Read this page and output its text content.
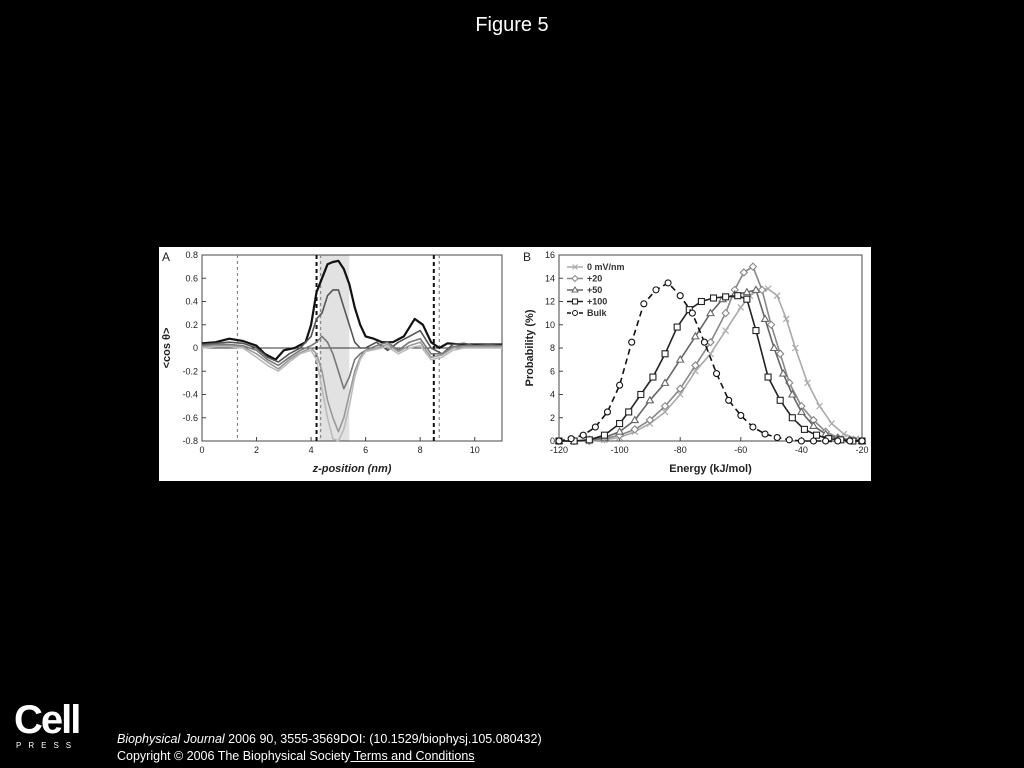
Figure 5
A
0	2	4	6	8	10
0.8
0.6
0.4
0.2
0
-0.2
-0.4
-0.6
-0.8
z-position (nm)
<cos θ>
B
-120	-100	-80	-60	-40	-20
0
2
4
6
8
10
12
14
16
Energy (kJ/mol)
Probability (%)
0 mV/nm
+20
+50
+100
Bulk
Cell
PRESS	Biophysical Journal 2006 90, 3555-3569DOI: (10.1529/biophysj.105.080432)
Copyright © 2006 The Biophysical Society Terms and Conditions
